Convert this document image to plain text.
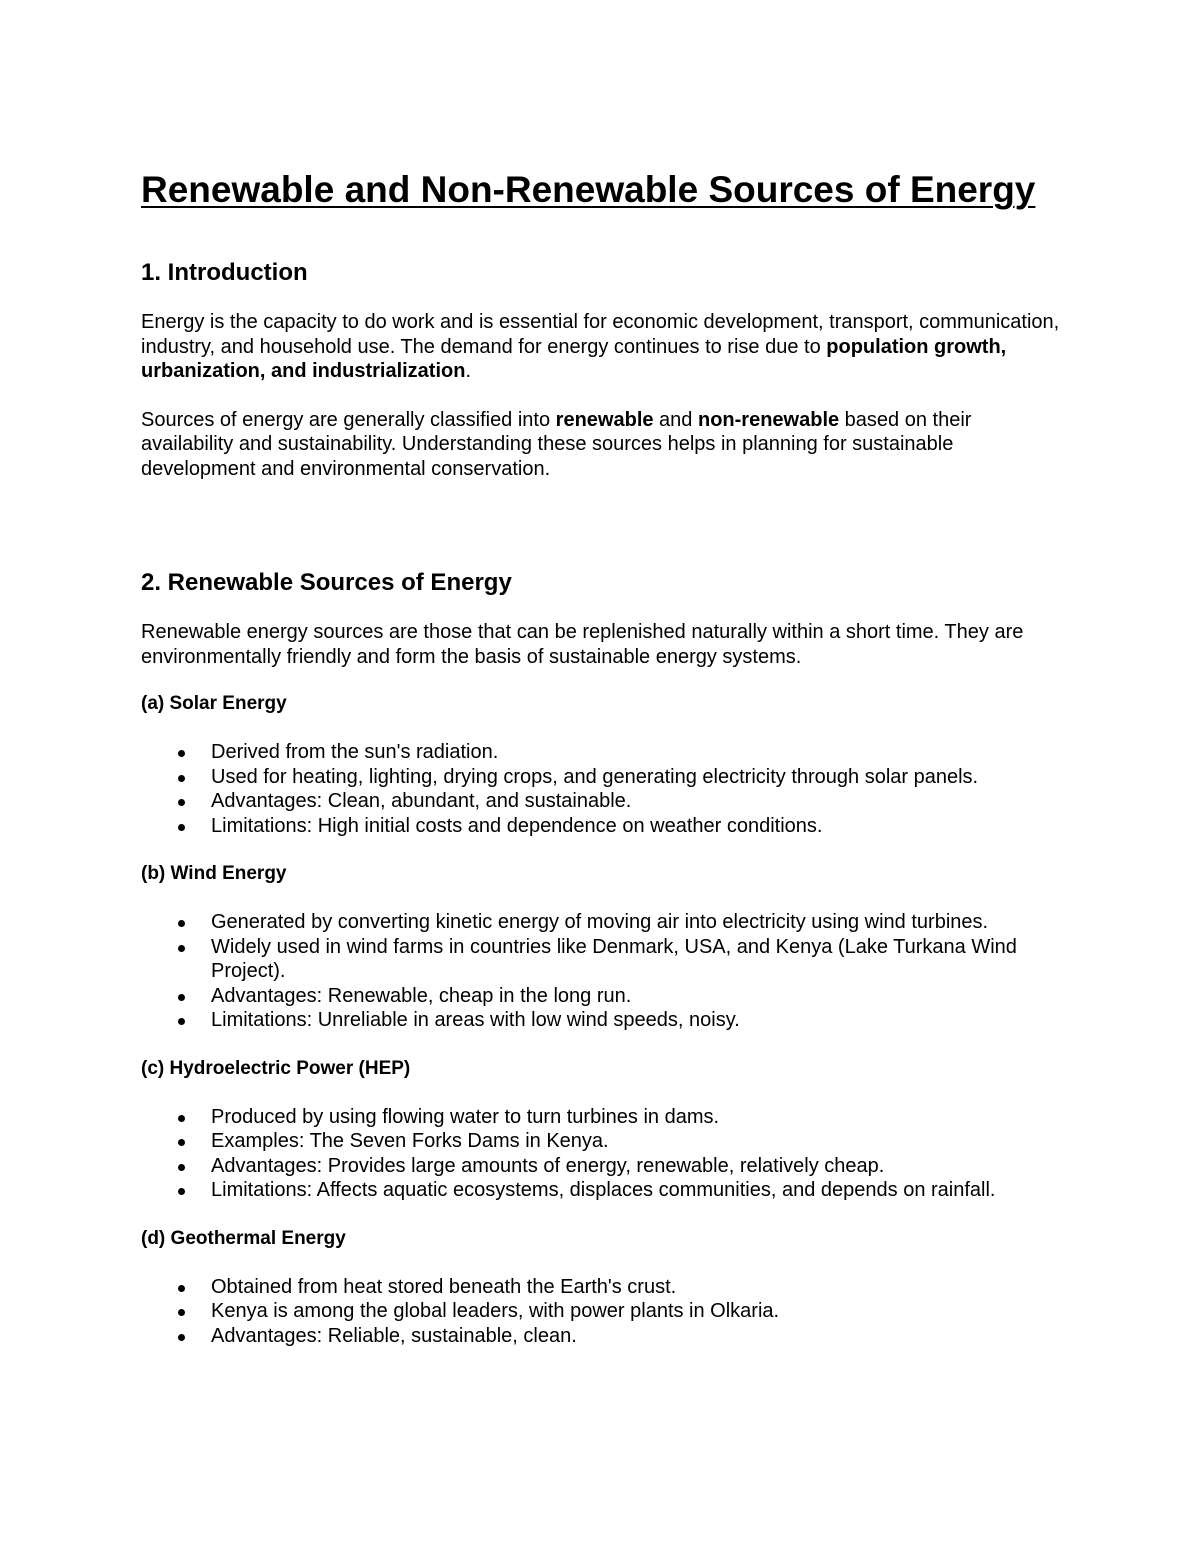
Renewable and Non-Renewable Sources of Energy
1. Introduction

Energy is the capacity to do work and is essential for economic development, transport, communication, industry, and household use. The demand for energy continues to rise due to population growth, urbanization, and industrialization.

Sources of energy are generally classified into renewable and non-renewable based on their availability and sustainability. Understanding these sources helps in planning for sustainable development and environmental conservation.

2. Renewable Sources of Energy

Renewable energy sources are those that can be replenished naturally within a short time. They are environmentally friendly and form the basis of sustainable energy systems.

(a) Solar Energy
Derived from the sun's radiation.
Used for heating, lighting, drying crops, and generating electricity through solar panels.
Advantages: Clean, abundant, and sustainable.
Limitations: High initial costs and dependence on weather conditions.
(b) Wind Energy
Generated by converting kinetic energy of moving air into electricity using wind turbines.
Widely used in wind farms in countries like Denmark, USA, and Kenya (Lake Turkana Wind Project).
Advantages: Renewable, cheap in the long run.
Limitations: Unreliable in areas with low wind speeds, noisy.
(c) Hydroelectric Power (HEP)
Produced by using flowing water to turn turbines in dams.
Examples: The Seven Forks Dams in Kenya.
Advantages: Provides large amounts of energy, renewable, relatively cheap.
Limitations: Affects aquatic ecosystems, displaces communities, and depends on rainfall.
(d) Geothermal Energy
Obtained from heat stored beneath the Earth's crust.
Kenya is among the global leaders, with power plants in Olkaria.
Advantages: Reliable, sustainable, clean.
